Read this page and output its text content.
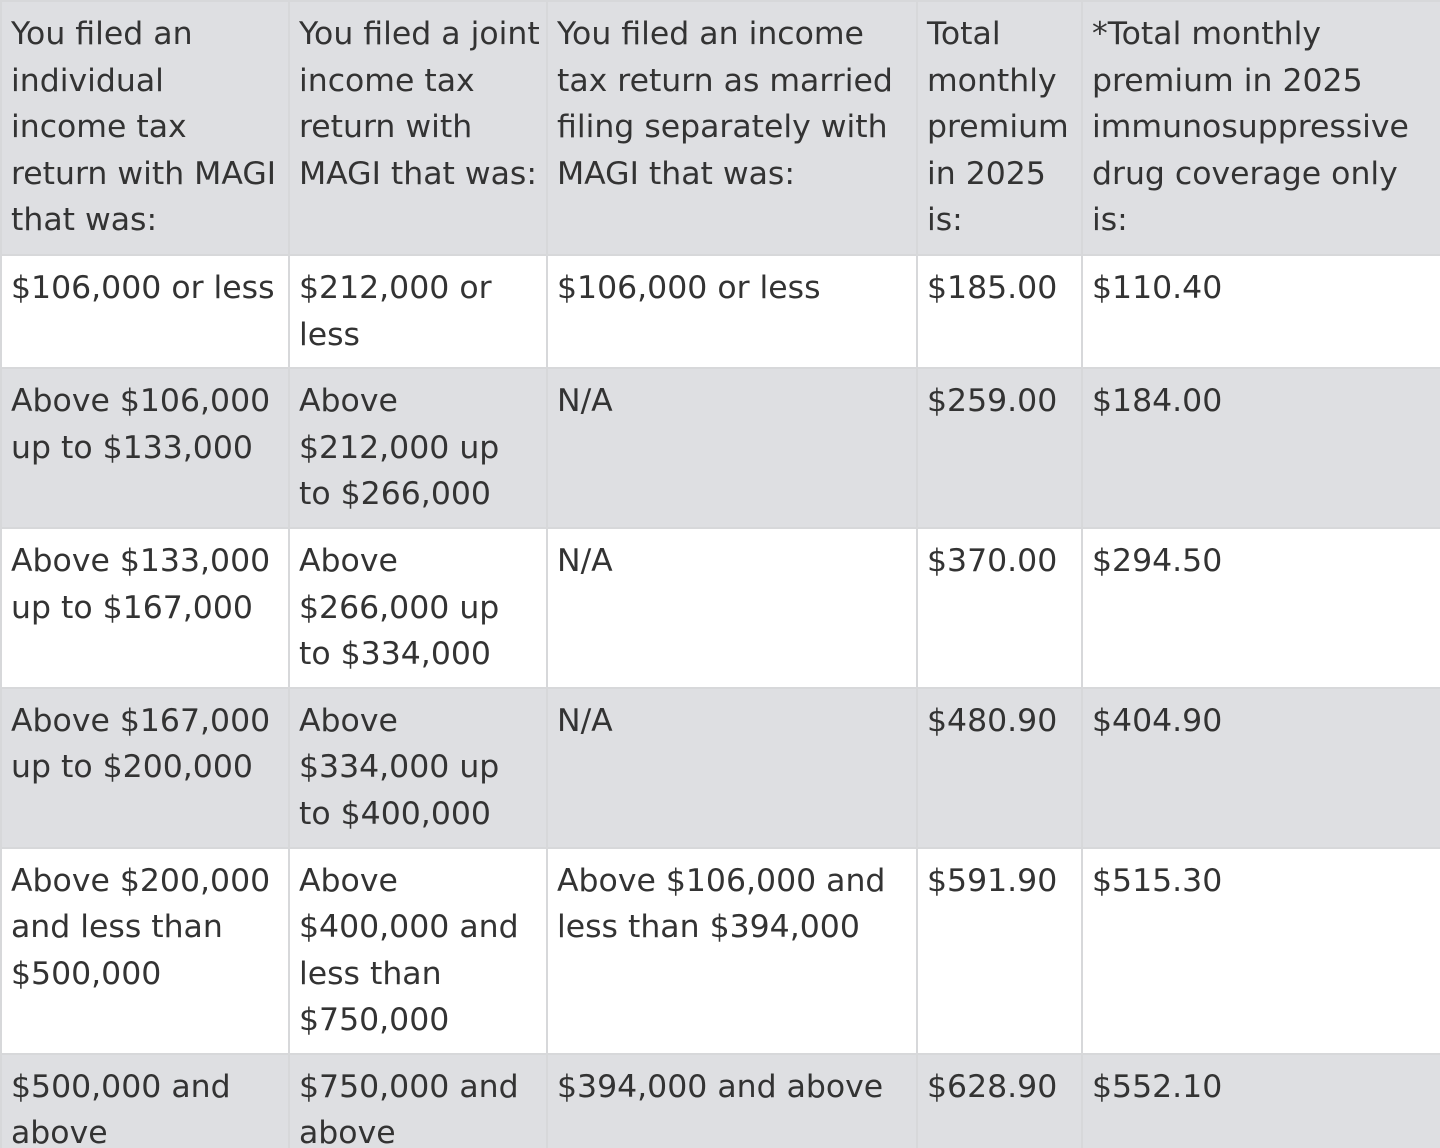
You filed an individual income tax return with MAGI that was:	You filed a joint income tax return with MAGI that was:	You filed an income tax return as married filing separately with MAGI that was:	Total monthly premium in 2025 is:	*Total monthly premium in 2025 immunosuppressive drug coverage only is:
$106,000 or less	$212,000 or less	$106,000 or less	$185.00	$110.40
Above $106,000 up to $133,000	Above $212,000 up to $266,000	N/A	$259.00	$184.00
Above $133,000 up to $167,000	Above $266,000 up to $334,000	N/A	$370.00	$294.50
Above $167,000 up to $200,000	Above $334,000 up to $400,000	N/A	$480.90	$404.90
Above $200,000 and less than $500,000	Above $400,000 and less than $750,000	Above $106,000 and less than $394,000	$591.90	$515.30
$500,000 and above	$750,000 and above	$394,000 and above	$628.90	$552.10
